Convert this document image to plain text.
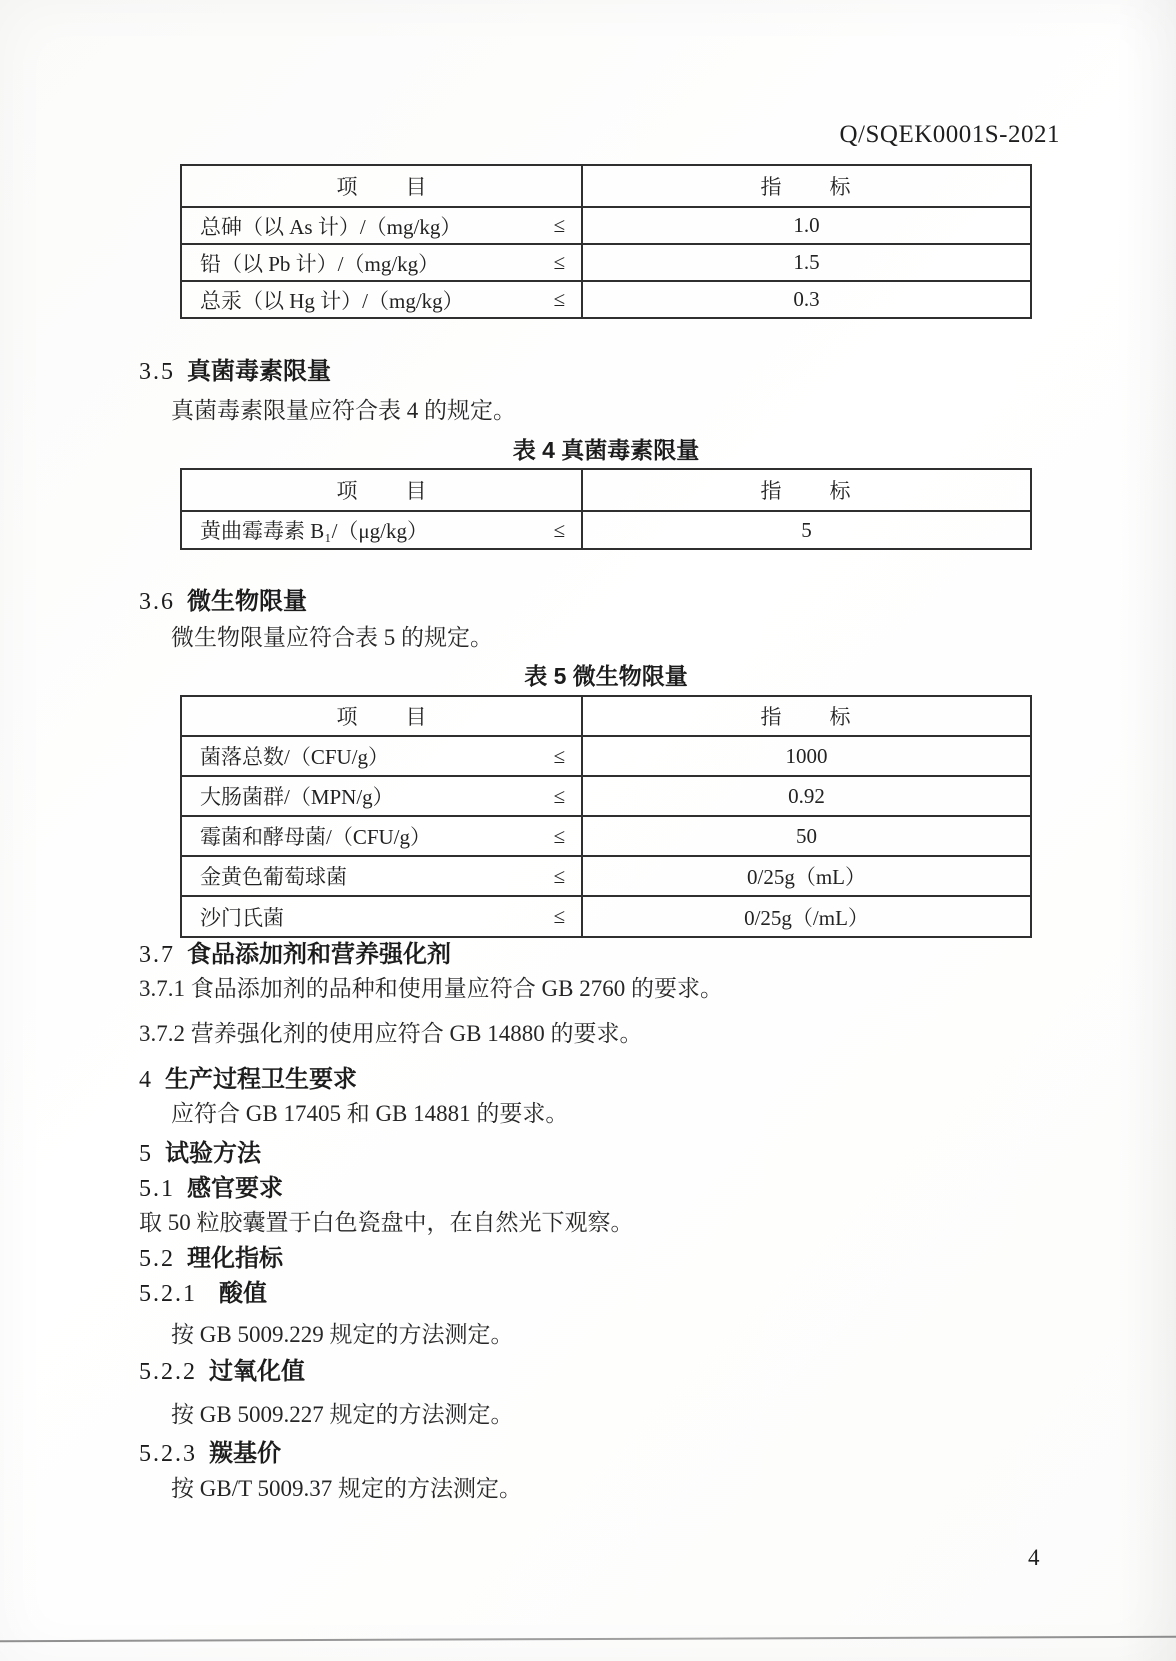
Q/SQEK0001S-2021
项　　目	指　　标
总砷（以 As 计）/（mg/kg）	≤	1.0
铅（以 Pb 计）/（mg/kg）	≤	1.5
总汞（以 Hg 计）/（mg/kg）	≤	0.3
3.5 真菌毒素限量
真菌毒素限量应符合表 4 的规定。
表 4 真菌毒素限量
项　　目	指　　标
黄曲霉毒素 B₁/（μg/kg）	≤	5
3.6 微生物限量
微生物限量应符合表 5 的规定。
表 5 微生物限量
项　　目	指　　标
菌落总数/（CFU/g）	≤	1000
大肠菌群/（MPN/g）	≤	0.92
霉菌和酵母菌/（CFU/g）	≤	50
金黄色葡萄球菌	≤	0/25g（mL）
沙门氏菌	≤	0/25g（/mL）
3.7 食品添加剂和营养强化剂
3.7.1 食品添加剂的品种和使用量应符合 GB 2760 的要求。
3.7.2 营养强化剂的使用应符合 GB 14880 的要求。
4 生产过程卫生要求
应符合 GB 17405 和 GB 14881 的要求。
5 试验方法
5.1 感官要求
取 50 粒胶囊置于白色瓷盘中，在自然光下观察。
5.2 理化指标
5.2.1 酸值
按 GB 5009.229 规定的方法测定。
5.2.2 过氧化值
按 GB 5009.227 规定的方法测定。
5.2.3 羰基价
按 GB/T 5009.37 规定的方法测定。
4
